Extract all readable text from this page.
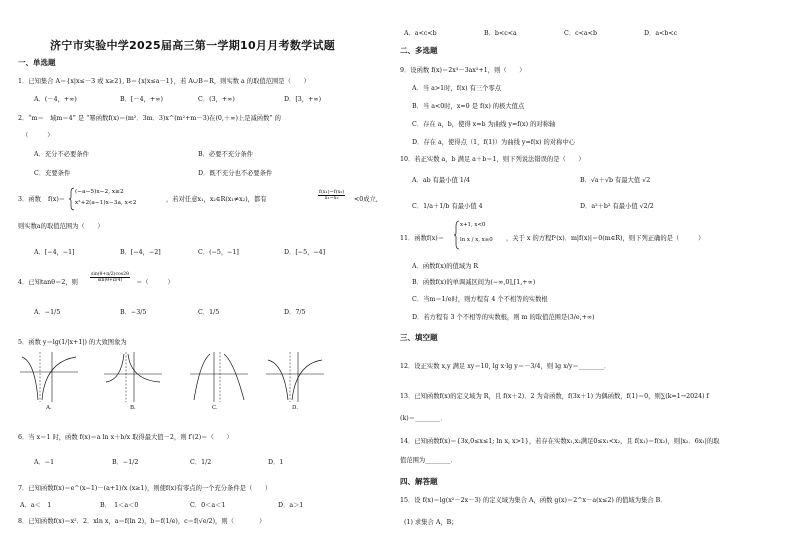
济宁市实验中学2025届高三第一学期10月月考数学试题
一、单选题
1．已知集合 A＝{x|x≤－3 或 x≥2}, B＝{x|x≤a－1}，若 A∪B＝R，则实数 a 的取值范围是（　　）
A．(－4，+∞)	B．[－4，+∞)	C．(3，+∞)	D．[3，+∞)
2．“m＝　域m＝4” 是 “幂函数f(x)＝(m²．3m．3)x^(m²+m－3)在(0,＋∞)上是减函数” 的
（　　　）
A．充分不必要条件	B．必要不充分条件
C．充要条件	D．既不充分也不必要条件
3．函数 f(x)＝
(−a−5)x−2, x≥2
x²+2(a−1)x−3a, x<2	，若对任意x₁，x₂∈R(x₁≠x₂)，都有	$\frac{\text{f(x₁)−f(x₂)}}{\text{x₁−x₂}} <0$成立,
则实数a的取值范围为（　　）
A．[−4，−1]	B．[−4，−2]	C．(−5，−1]	D．[−5，−4]
4．已知tanθ＝2，则	$\frac{\sin(\theta+\pi/2)\cos 2\theta}{\sin(\theta+\pi/4)}$ ＝（　　　）
A．−1/5	B．−3/5	C．1/5	D．7/5
5．函数 y＝lg(1/|x+1|) 的大致图象为
A.	B.	C.	D.
6．当 x＝1 时，函数 f(x)＝a ln x＋b/x 取得最大值－2，则 f′(2)＝（　　）
A．−1	B．−1/2	C．1/2	D．1
7．已知函数f(x)＝e^(x−1)－(a+1)/x (x≥1)，则使f(x)有零点的一个充分条件是（　　）
A．a＜　1	B．　1＜a＜0	C．0＜a＜1	D．a＞1
8．已知函数f(x)＝x²．2．xln x，a＝f(ln 2)，b＝f(1/e)，c＝f(√e/2)，则（　　　　）
A．a<c<b	B．b<c<a	C．c<a<b	D．a<b<c
二、多选题
9．设函数 f(x)＝2x³－3ax²+1，则（　　）
A．当 a>1时，f(x) 有三个零点
B．当 a<0时，x=0 是 f(x) 的极大值点
C．存在 a，b，使得 x=b 为曲线 y=f(x) 的对称轴
D．存在 a，使得点（1，f(1)）为曲线 y=f(x) 的对称中心
10．若正实数 a，b 满足 a＋b＝1，则下列说法错误的是（　　）
A．ab 有最小值 1/4	B．√a＋√b 有最大值 √2
C．1/a＋1/b 有最小值 4	D．a²＋b² 有最小值 √2/2
11．函数f(x)＝
x+1, x<0
ln x / x, x≥0 ，关于 x 的方程f²(x)．m|f(x)|＝0(m∈R)，则下列正确的是（　　　）
A．函数f(x)的值域为 R
B．函数f(x)的单调减区间为(−∞,0],[1,+∞)
C．当m＝1/e时，则方程有 4 个不相等的实数根
D．若方程有 3 个不相等的实数根，则 m 的取值范围是(3/e,+∞)
三、填空题
12．设正实数 x,y 满足 xy＝10, lg x·lg y＝－3/4，则 lg x/y＝________．
13．已知函数f(x)的定义域为 R，且 f(x＋2)．2 为奇函数，f(3x＋1) 为偶函数，f(1)＝0，则∑(k=1→2024) f
(k)＝________．
14．已知函数f(x)＝{3x,0≤x≤1; ln x, x>1}，若存在实数x₁,x₂满足0≤x₁<x₂，且 f(x₁)＝f(x₂)，则|x₂．6x₁|的取
值范围为________．
四、解答题
15．设 f(x)＝lg(x²－2x－3) 的定义域为集合 A，函数 g(x)＝2^x－a(x≤2) 的值域为集合 B．
(1) 求集合 A，B；
